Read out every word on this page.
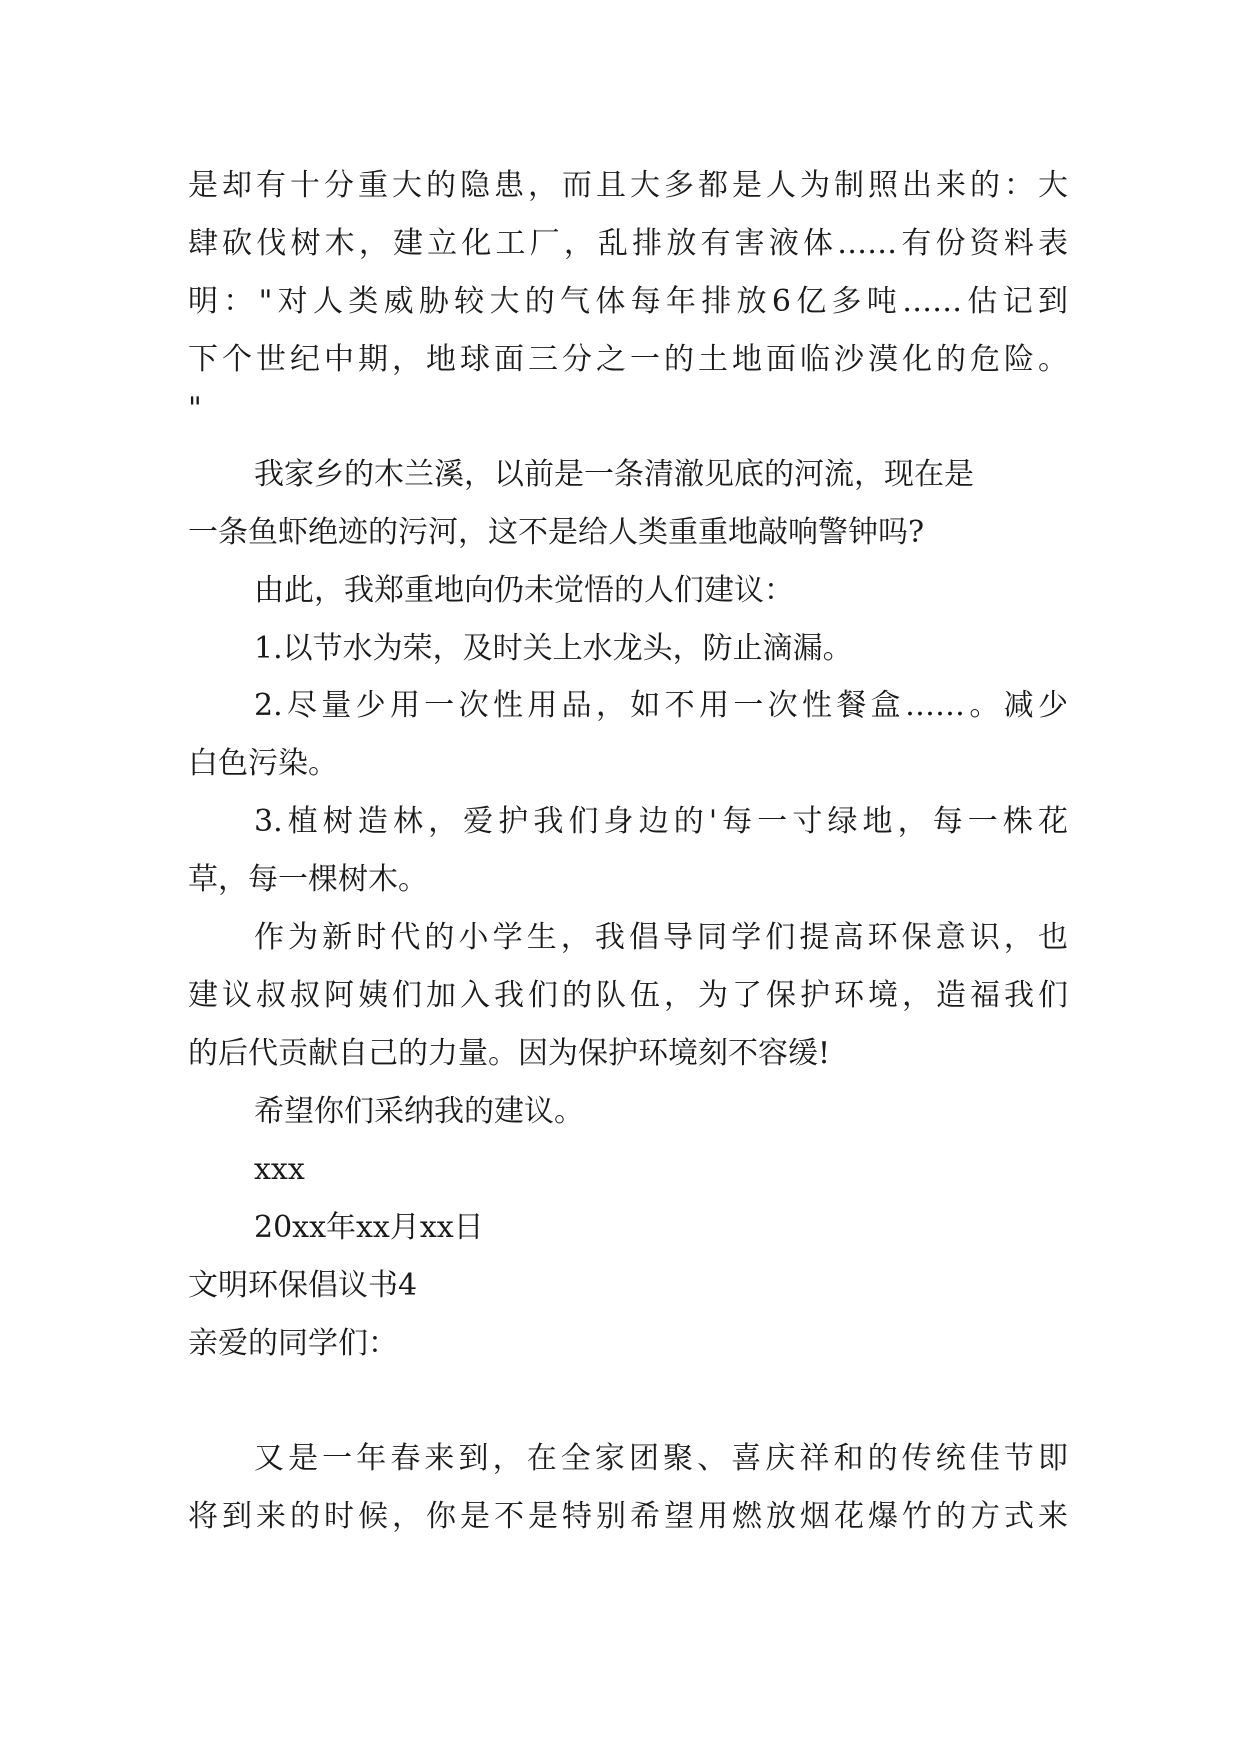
是却有十分重大的隐患，而且大多都是人为制照出来的：大
肆砍伐树木，建立化工厂，乱排放有害液体……有份资料表
明："对人类威胁较大的气体每年排放6亿多吨……估记到
下个世纪中期，地球面三分之一的土地面临沙漠化的危险。
"
我家乡的木兰溪，以前是一条清澈见底的河流，现在是
一条鱼虾绝迹的污河，这不是给人类重重地敲响警钟吗?
由此，我郑重地向仍未觉悟的人们建议：
1.以节水为荣，及时关上水龙头，防止滴漏。
2.尽量少用一次性用品，如不用一次性餐盒……。减少
白色污染。
3.植树造林，爱护我们身边的'每一寸绿地，每一株花
草，每一棵树木。
作为新时代的小学生，我倡导同学们提高环保意识，也
建议叔叔阿姨们加入我们的队伍，为了保护环境，造福我们
的后代贡献自己的力量。因为保护环境刻不容缓!
希望你们采纳我的建议。
xxx
20xx年xx月xx日
文明环保倡议书4
亲爱的同学们：
又是一年春来到，在全家团聚、喜庆祥和的传统佳节即
将到来的时候，你是不是特别希望用燃放烟花爆竹的方式来
